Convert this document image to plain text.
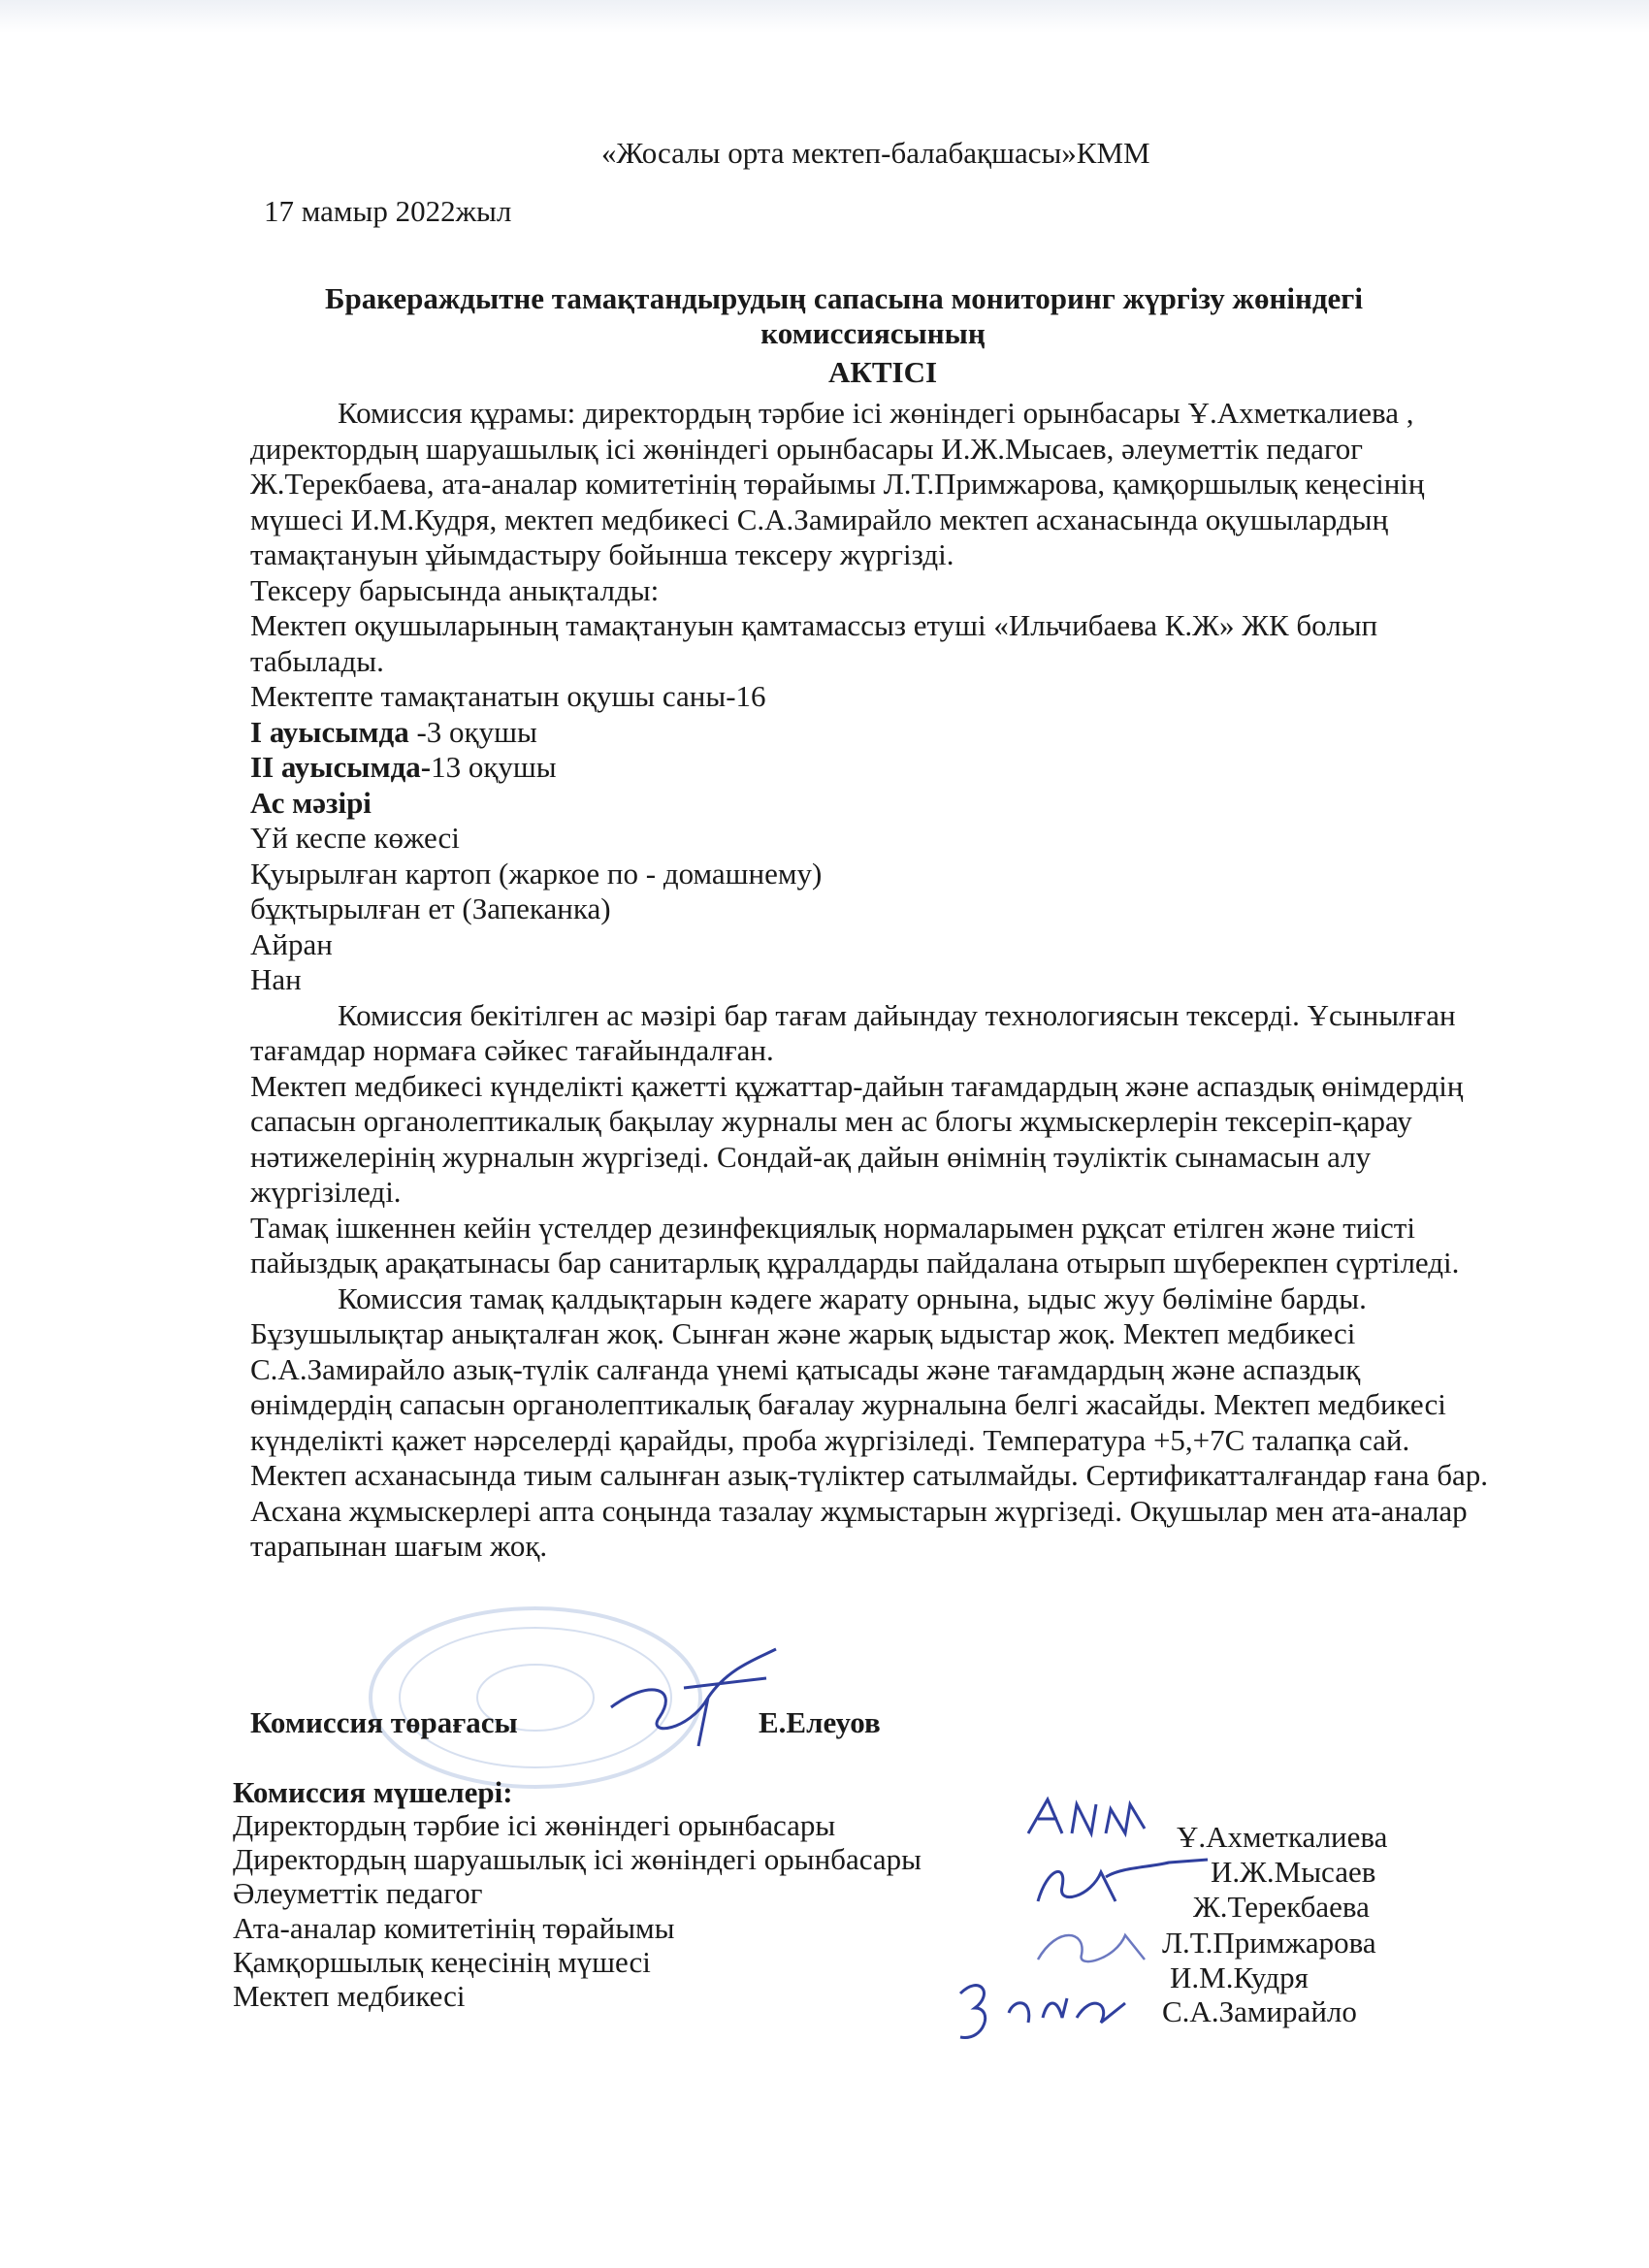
«Жосалы орта мектеп-балабақшасы»КММ
17 мамыр 2022жыл
Бракераждытне тамақтандырудың сапасына мониторинг жүргізу жөніндегі
комиссиясының
АКТІСІ

Комиссия құрамы: директордың тәрбие ісі жөніндегі орынбасары Ұ.Ахметкалиева , директордың шаруашылық ісі жөніндегі орынбасары И.Ж.Мысаев, әлеуметтік педагог Ж.Терекбаева, ата-аналар комитетінің төрайымы Л.Т.Примжарова, қамқоршылық кеңесінің мүшесі И.М.Кудря, мектеп медбикесі С.А.Замирайло мектеп асханасында оқушылардың тамақтануын ұйымдастыру бойынша тексеру жүргізді.

Тексеру барысында анықталды:

Мектеп оқушыларының тамақтануын қамтамассыз етуші «Ильчибаева К.Ж» ЖК болып табылады.

Мектепте тамақтанатын оқушы саны-16

І ауысымда -3 оқушы

ІІ ауысымда-13 оқушы

Ас мәзірі

Үй кеспе көжесі

Қуырылған картоп (жаркое по - домашнему)

бұқтырылған ет (Запеканка)

Айран

Нан

Комиссия бекітілген ас мәзірі бар тағам дайындау технологиясын тексерді. Ұсынылған тағамдар нормаға сәйкес тағайындалған.

Мектеп медбикесі күнделікті қажетті құжаттар-дайын тағамдардың және аспаздық өнімдердің сапасын органолептикалық бақылау журналы мен ас блогы жұмыскерлерін тексеріп-қарау нәтижелерінің журналын жүргізеді. Сондай-ақ дайын өнімнің тәуліктік сынамасын алу жүргізіледі.

Тамақ ішкеннен кейін үстелдер дезинфекциялық нормаларымен рұқсат етілген және тиісті пайыздық арақатынасы бар санитарлық құралдарды пайдалана отырып шүберекпен сүртіледі.

Комиссия тамақ қалдықтарын кәдеге жарату орнына, ыдыс жуу бөліміне барды. Бұзушылықтар анықталған жоқ. Сынған және жарық ыдыстар жоқ. Мектеп медбикесі С.А.Замирайло азық-түлік салғанда үнемі қатысады және тағамдардың және аспаздық өнімдердің сапасын органолептикалық бағалау журналына белгі жасайды. Мектеп медбикесі күнделікті қажет нәрселерді қарайды, проба жүргізіледі. Температура +5,+7С талапқа сай. Мектеп асханасында тиым салынған азық-түліктер сатылмайды. Сертификатталғандар ғана бар. Асхана жұмыскерлері апта соңында тазалау жұмыстарын жүргізеді. Оқушылар мен ата-аналар тарапынан шағым жоқ.

Комиссия төрағасы	Е.Елеуов
Комиссия мүшелері:
Директордың тәрбие ісі жөніндегі орынбасары
Директордың шаруашылық ісі жөніндегі орынбасары
Әлеуметтік педагог
Ата-аналар комитетінің төрайымы
Қамқоршылық кеңесінің мүшесі
Мектеп медбикесі
Ұ.Ахметкалиева
И.Ж.Мысаев
Ж.Терекбаева
Л.Т.Примжарова
И.М.Кудря
С.А.Замирайло
